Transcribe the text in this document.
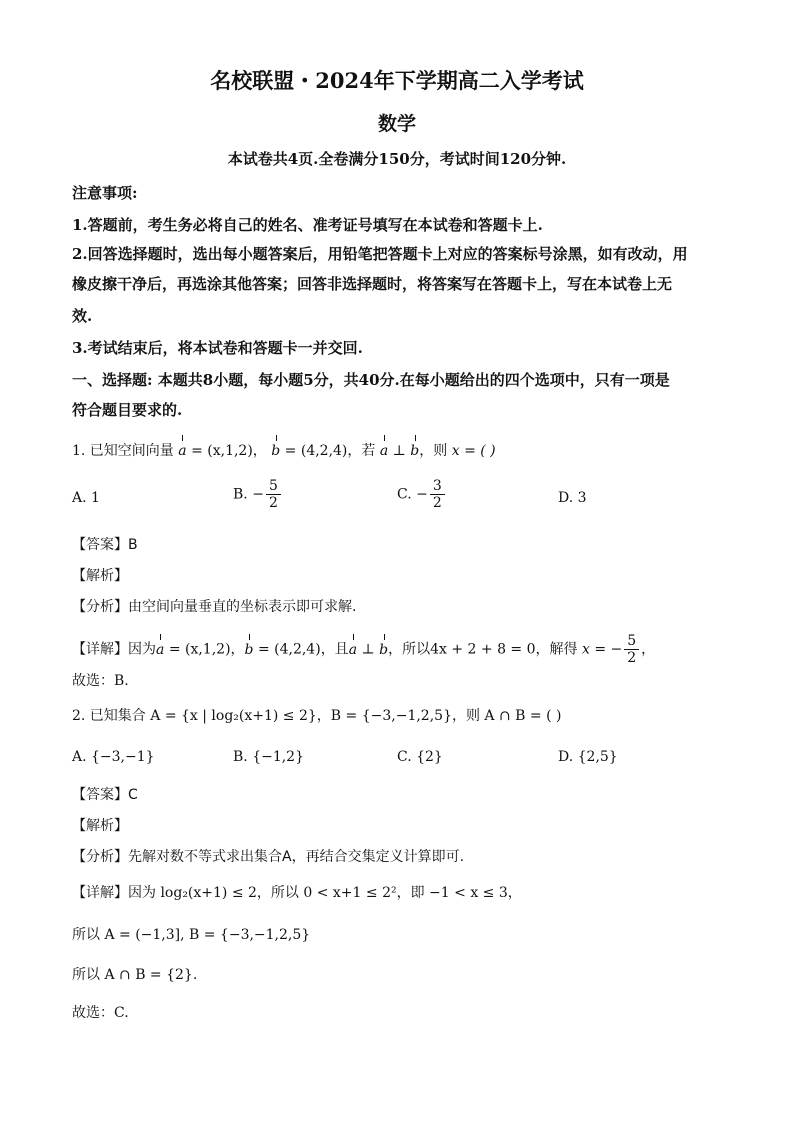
名校联盟・2024年下学期高二入学考试
数学
本试卷共4页.全卷满分150分，考试时间120分钟.
注意事项:
1.答题前，考生务必将自己的姓名、准考证号填写在本试卷和答题卡上.
2.回答选择题时，选出每小题答案后，用铅笔把答题卡上对应的答案标号涂黑，如有改动，用
橡皮擦干净后，再选涂其他答案；回答非选择题时，将答案写在答题卡上，写在本试卷上无
效.
3.考试结束后，将本试卷和答题卡一并交回.
一、选择题: 本题共8小题，每小题5分，共40分.在每小题给出的四个选项中，只有一项是
符合题目要求的.
1. 已知空间向量 a = (x,1,2)， b = (4,2,4)，若 a ⊥ b，则 x = ( )
A. 1	B. − $\frac{5}{2}$	C. − $\frac{3}{2}$	D. 3
【答案】B
【解析】
【分析】由空间向量垂直的坐标表示即可求解.
【详解】因为a = (x,1,2)，b = (4,2,4)，且a ⊥ b，所以4x + 2 + 8 = 0，解得 x = − $\frac{5}{2}$ ，
故选：B.
2. 已知集合 A = {x | log₂(x+1) ≤ 2}，B = {−3,−1,2,5}，则 A ∩ B = ( )
A. {−3,−1}	B. {−1,2}	C. {2}	D. {2,5}
【答案】C
【解析】
【分析】先解对数不等式求出集合A，再结合交集定义计算即可.
【详解】因为 log₂(x+1) ≤ 2，所以 0 < x+1 ≤ 2²，即 −1 < x ≤ 3，
所以 A = (−1,3], B = {−3,−1,2,5}
所以 A ∩ B = {2}.
故选：C.
